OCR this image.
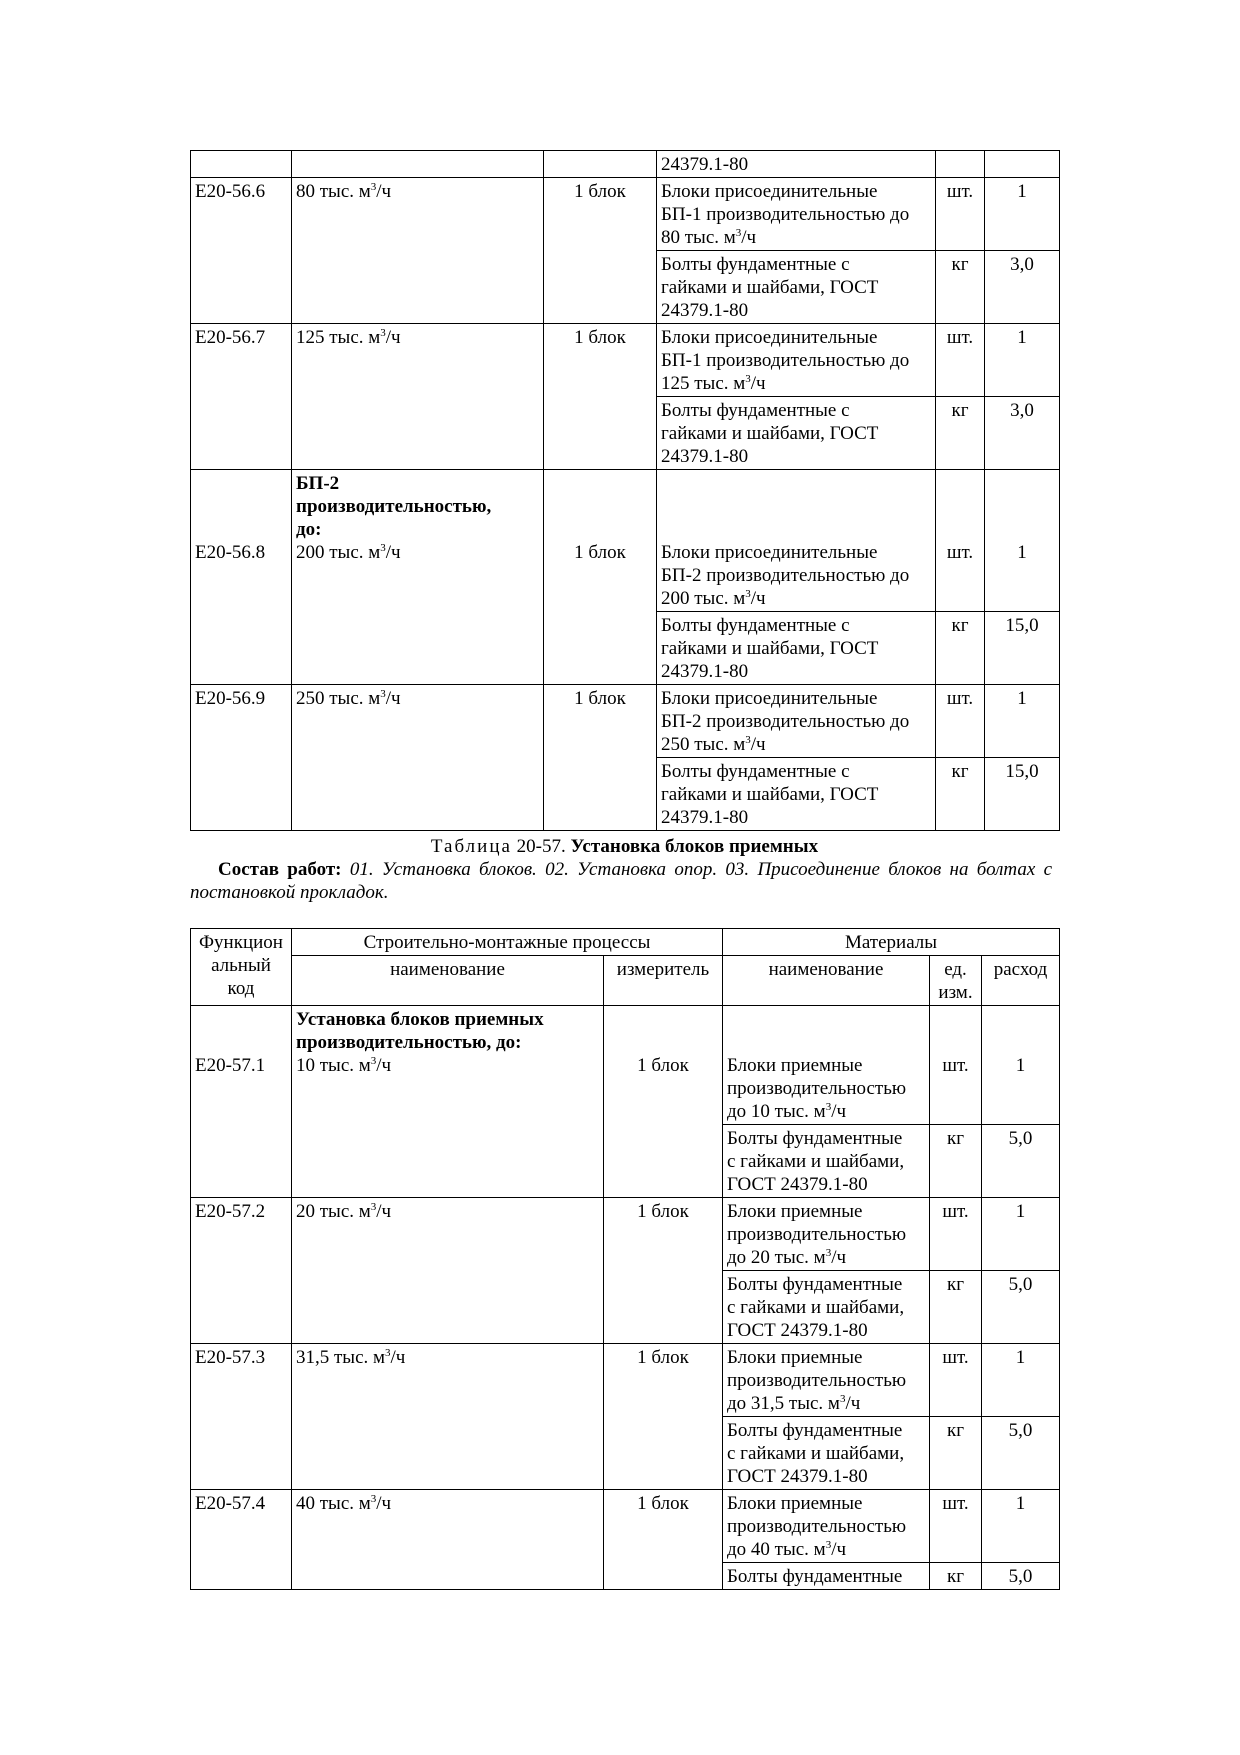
			24379.1-80		
Е20-56.6	80 тыс. $м^3/ч$	1 блок	Блоки присоединительные
БП-1 производительностью до
80 тыс. $м^3/ч$	шт.	1
			Болты фундаментные с
гайками и шайбами, ГОСТ
24379.1-80	кг	3,0
Е20-56.7	125 тыс. $м^3/ч$	1 блок	Блоки присоединительные
БП-1 производительностью до
125 тыс. $м^3/ч$	шт.	1
			Болты фундаментные с
гайками и шайбами, ГОСТ
24379.1-80	кг	3,0
Е20-56.8	БП-2
производительностью,
до:
200 тыс. $м^3/ч$	1 блок	Блоки присоединительные
БП-2 производительностью до
200 тыс. $м^3/ч$	шт.	1
			Болты фундаментные с
гайками и шайбами, ГОСТ
24379.1-80	кг	15,0
Е20-56.9	250 тыс. $м^3/ч$	1 блок	Блоки присоединительные
БП-2 производительностью до
250 тыс. $м^3/ч$	шт.	1
			Болты фундаментные с
гайками и шайбами, ГОСТ
24379.1-80	кг	15,0
Таблица 20-57. Установка блоков приемных
Состав работ: 01. Установка блоков. 02. Установка опор. 03. Присоединение блоков на болтах с постановкой прокладок.
Функцион
альный
код	Строительно-монтажные процессы		Материалы		
	наименование	измеритель	наименование	ед.
изм.	расход
Е20-57.1	Установка блоков приемных
производительностью, до:
10 тыс. $м^3/ч$	1 блок	Блоки приемные
производительностью
до 10 тыс. $м^3/ч$	шт.	1
			Болты фундаментные
с гайками и шайбами,
ГОСТ 24379.1-80	кг	5,0
Е20-57.2	20 тыс. $м^3/ч$	1 блок	Блоки приемные
производительностью
до 20 тыс. $м^3/ч$	шт.	1
			Болты фундаментные
с гайками и шайбами,
ГОСТ 24379.1-80	кг	5,0
Е20-57.3	31,5 тыс. $м^3/ч$	1 блок	Блоки приемные
производительностью
до 31,5 тыс. $м^3/ч$	шт.	1
			Болты фундаментные
с гайками и шайбами,
ГОСТ 24379.1-80	кг	5,0
Е20-57.4	40 тыс. $м^3/ч$	1 блок	Блоки приемные
производительностью
до 40 тыс. $м^3/ч$	шт.	1
			Болты фундаментные	кг	5,0
